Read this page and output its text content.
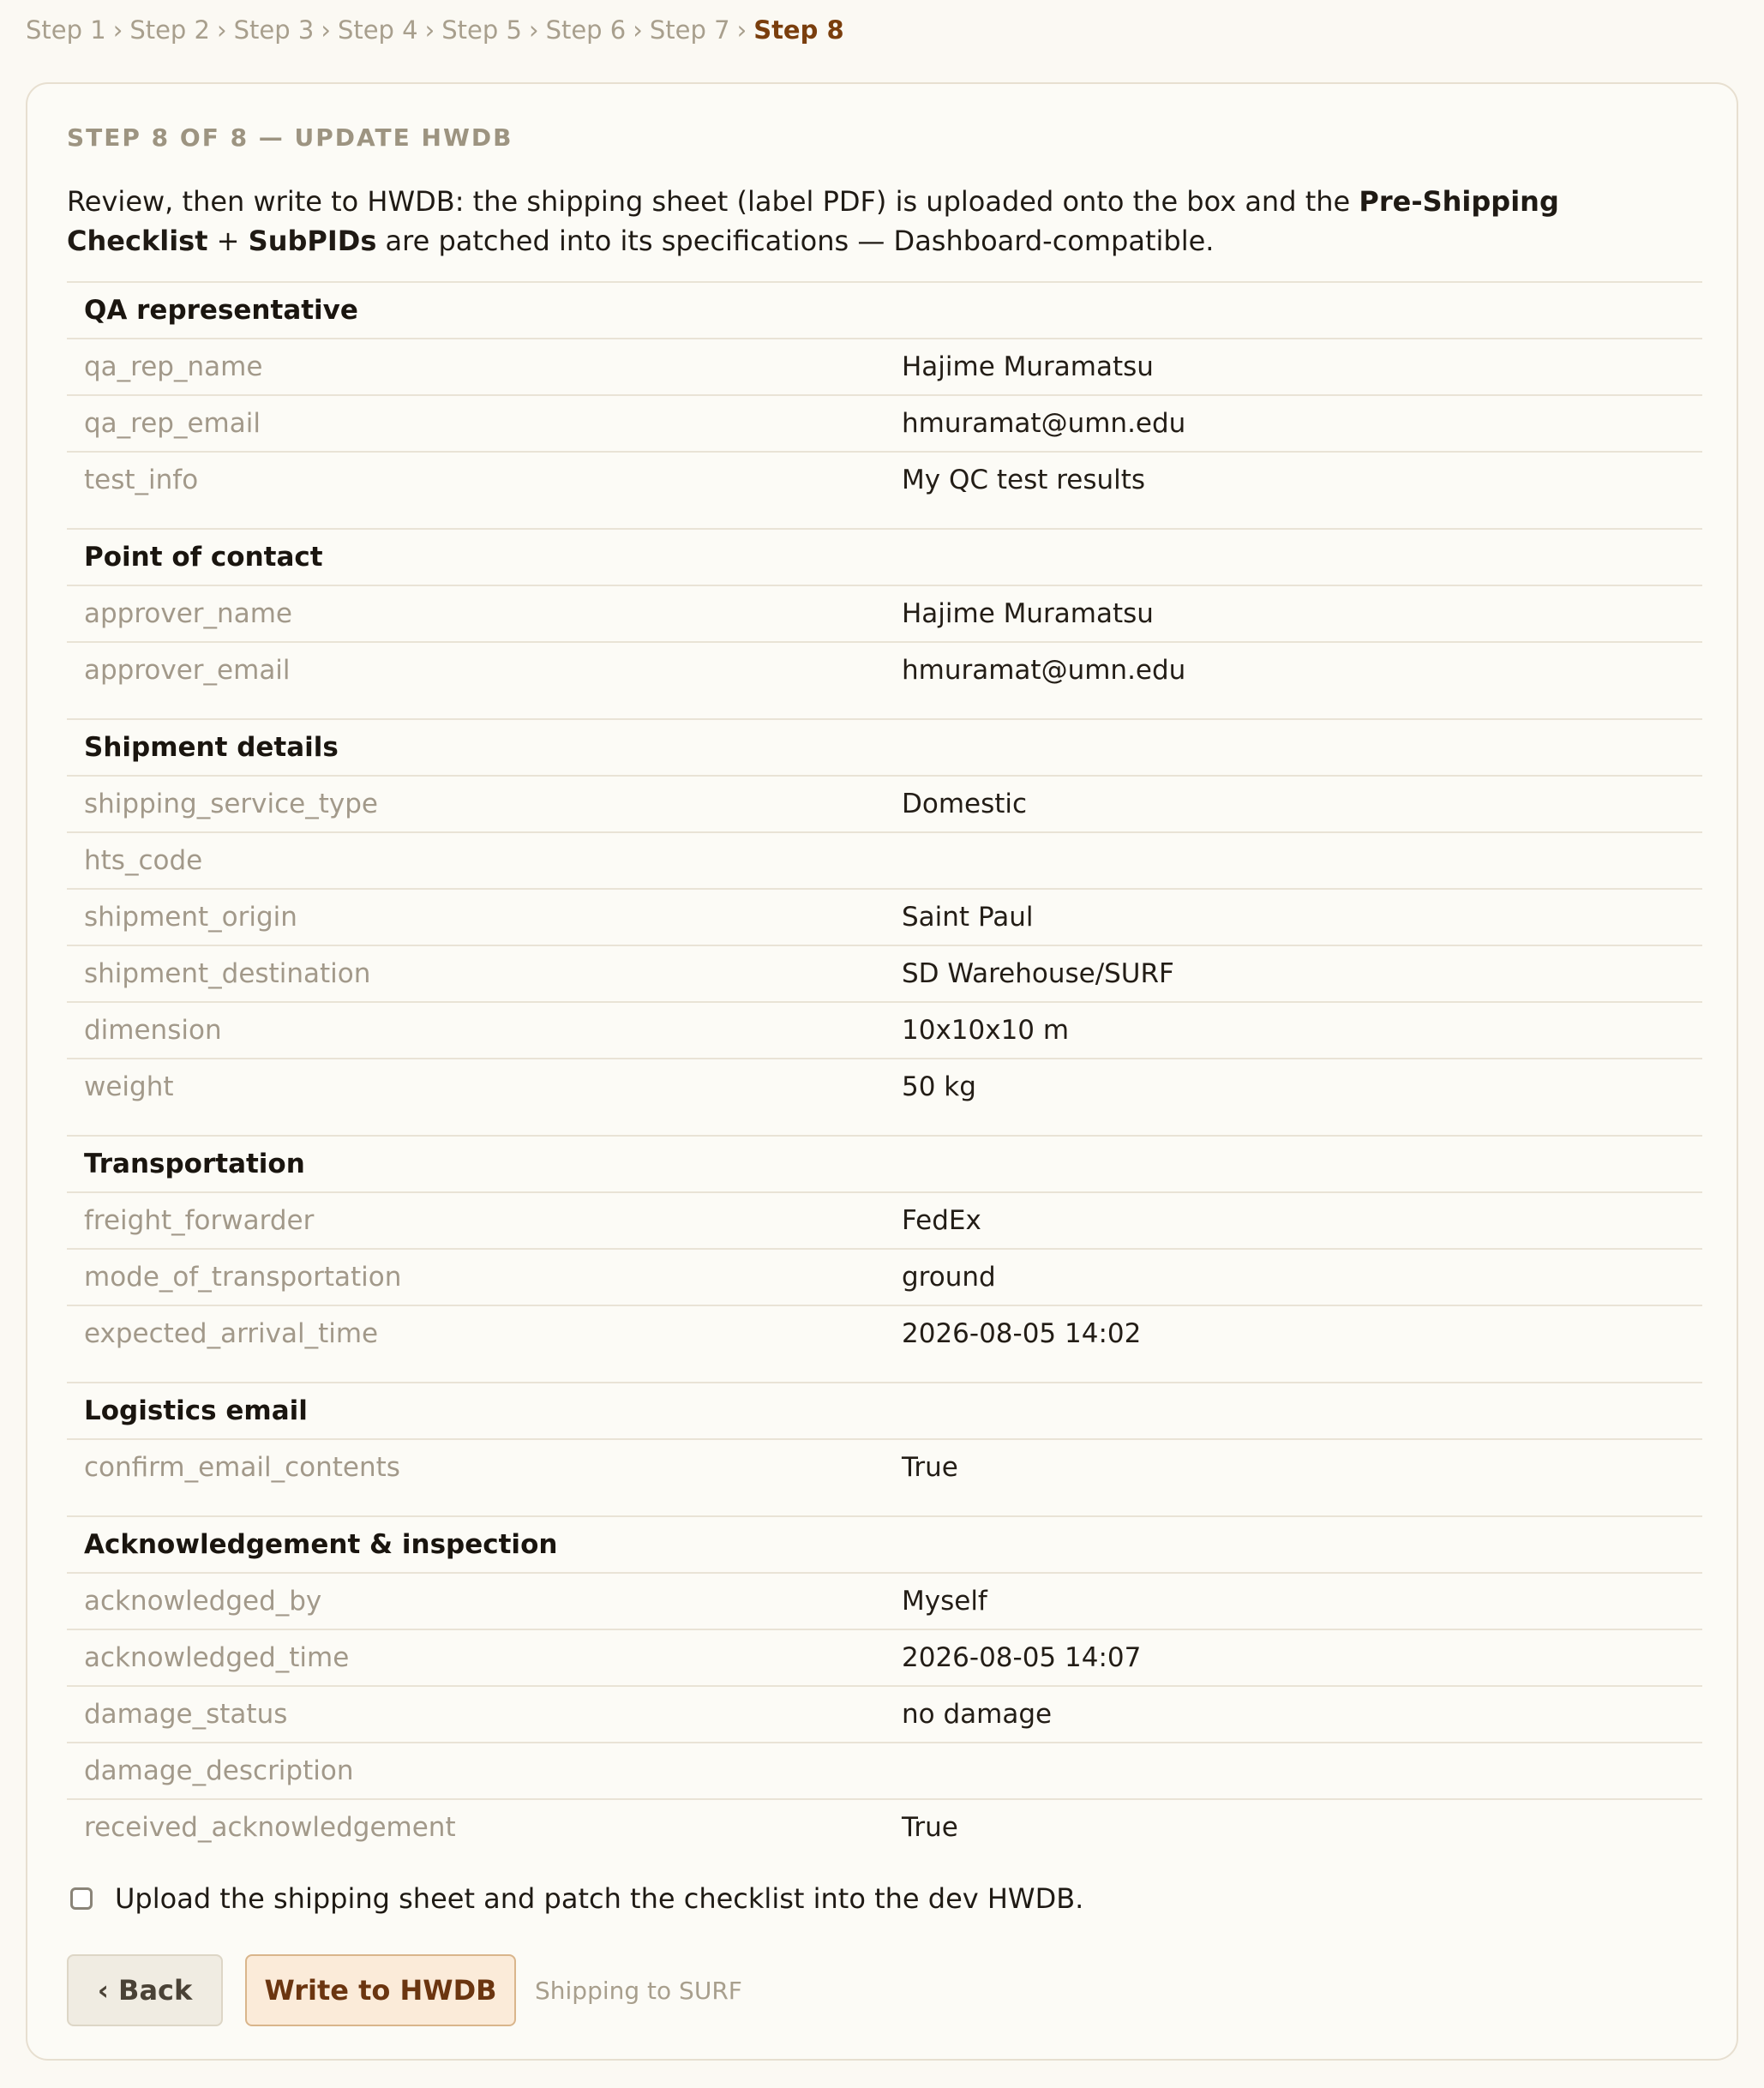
Step 1 › Step 2 › Step 3 › Step 4 › Step 5 › Step 6 › Step 7 › Step 8
STEP 8 OF 8 — UPDATE HWDB

Review, then write to HWDB: the shipping sheet (label PDF) is uploaded onto the box and the Pre-Shipping Checklist + SubPIDs are patched into its specifications — Dashboard-compatible.

QA representative	
qa_rep_name	Hajime Muramatsu
qa_rep_email	hmuramat@umn.edu
test_info	My QC test results

Point of contact	
approver_name	Hajime Muramatsu
approver_email	hmuramat@umn.edu

Shipment details	
shipping_service_type	Domestic
hts_code	
shipment_origin	Saint Paul
shipment_destination	SD Warehouse/SURF
dimension	10x10x10 m
weight	50 kg

Transportation	
freight_forwarder	FedEx
mode_of_transportation	ground
expected_arrival_time	2026-08-05 14:02

Logistics email	
confirm_email_contents	True

Acknowledgement & inspection	
acknowledged_by	Myself
acknowledged_time	2026-08-05 14:07
damage_status	no damage
damage_description	
received_acknowledgement	True
Upload the shipping sheet and patch the checklist into the dev HWDB.
‹ Back	Write to HWDB	Shipping to SURF
